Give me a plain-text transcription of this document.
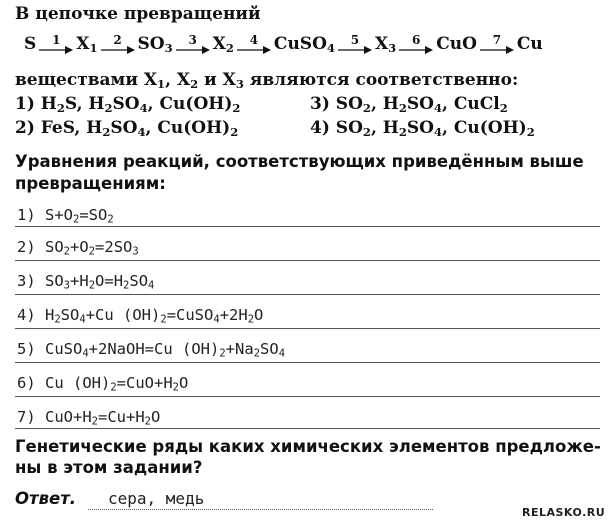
В цепочке превращений
S 1 $X_1$
2 $SO_3$
3 $X_2$
4 CuSO$_4$
5 $X_3$
6 CuO 7 Cu
веществами $X_1$, $X_2$ и $X_3$ являются соответственно:
1) $H_2S$, $H_2SO_4$, $Cu(OH)_2$	3) $SO_2$, $H_2SO_4$, CuCl$_2$
2) FeS, $H_2SO_4$, $Cu(OH)_2$	4) $SO_2$, $H_2SO_4$, $Cu(OH)_2$
Уравнения реакций, соответствующих приведённым выше
превращениям:
1) $S+O_2=SO_2$
2) $SO_2+O_2=2SO_3$
3) $SO_3+H_2O=H_2SO_4$
4) $H_2SO_4+Cu$ $(OH)_2=CuSO_4+2H_2O$
5) CuSO$_4$+2NaOH=Cu $(OH)_2+Na_2SO_4$
6) Cu $(OH)_2=CuO+H_2O$
7) $CuO+H_2=Cu+H_2O$
Генетические ряды каких химических элементов предложе-
ны в этом задании?
Ответ. сера, медь
RELASKO.RU
